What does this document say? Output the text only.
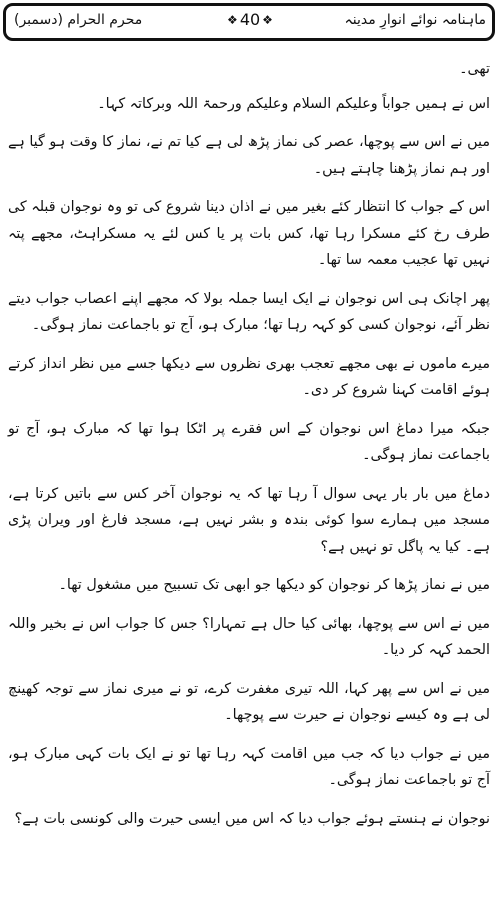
ماہنامہ نوائے انوارِ مدینہ
❖ 40 ❖
محرم الحرام (دسمبر)

تھی۔

اس نے ہمیں جواباً وعلیکم السلام وعلیکم ورحمۃ اللہ وبرکاتہ کہا۔

میں نے اس سے پوچھا، عصر کی نماز پڑھ لی ہے کیا تم نے، نماز کا وقت ہو گیا ہے اور ہم نماز پڑھنا چاہتے ہیں۔

اس کے جواب کا انتظار کئے بغیر میں نے اذان دینا شروع کی تو وہ نوجوان قبلہ کی طرف رخ کئے مسکرا رہا تھا، کس بات پر یا کس لئے یہ مسکراہٹ، مجھے پتہ نہیں تھا عجیب معمہ سا تھا۔

پھر اچانک ہی اس نوجوان نے ایک ایسا جملہ بولا کہ مجھے اپنے اعصاب جواب دیتے نظر آئے، نوجوان کسی کو کہہ رہا تھا؛ مبارک ہو، آج تو باجماعت نماز ہوگی۔

میرے ماموں نے بھی مجھے تعجب بھری نظروں سے دیکھا جسے میں نظر انداز کرتے ہوئے اقامت کہنا شروع کر دی۔

جبکہ میرا دماغ اس نوجوان کے اس فقرے پر اٹکا ہوا تھا کہ مبارک ہو، آج تو باجماعت نماز ہوگی۔

دماغ میں بار بار یہی سوال آ رہا تھا کہ یہ نوجوان آخر کس سے باتیں کرتا ہے، مسجد میں ہمارے سوا کوئی بندہ و بشر نہیں ہے، مسجد فارغ اور ویران پڑی ہے۔ کیا یہ پاگل تو نہیں ہے؟

میں نے نماز پڑھا کر نوجوان کو دیکھا جو ابھی تک تسبیح میں مشغول تھا۔

میں نے اس سے پوچھا، بھائی کیا حال ہے تمہارا؟ جس کا جواب اس نے بخیر واللہ الحمد کہہ کر دیا۔

میں نے اس سے پھر کہا، اللہ تیری مغفرت کرے، تو نے میری نماز سے توجہ کھینچ لی ہے وہ کیسے نوجوان نے حیرت سے پوچھا۔

میں نے جواب دیا کہ جب میں اقامت کہہ رہا تھا تو نے ایک بات کہی مبارک ہو، آج تو باجماعت نماز ہوگی۔

نوجوان نے ہنستے ہوئے جواب دیا کہ اس میں ایسی حیرت والی کونسی بات ہے؟
